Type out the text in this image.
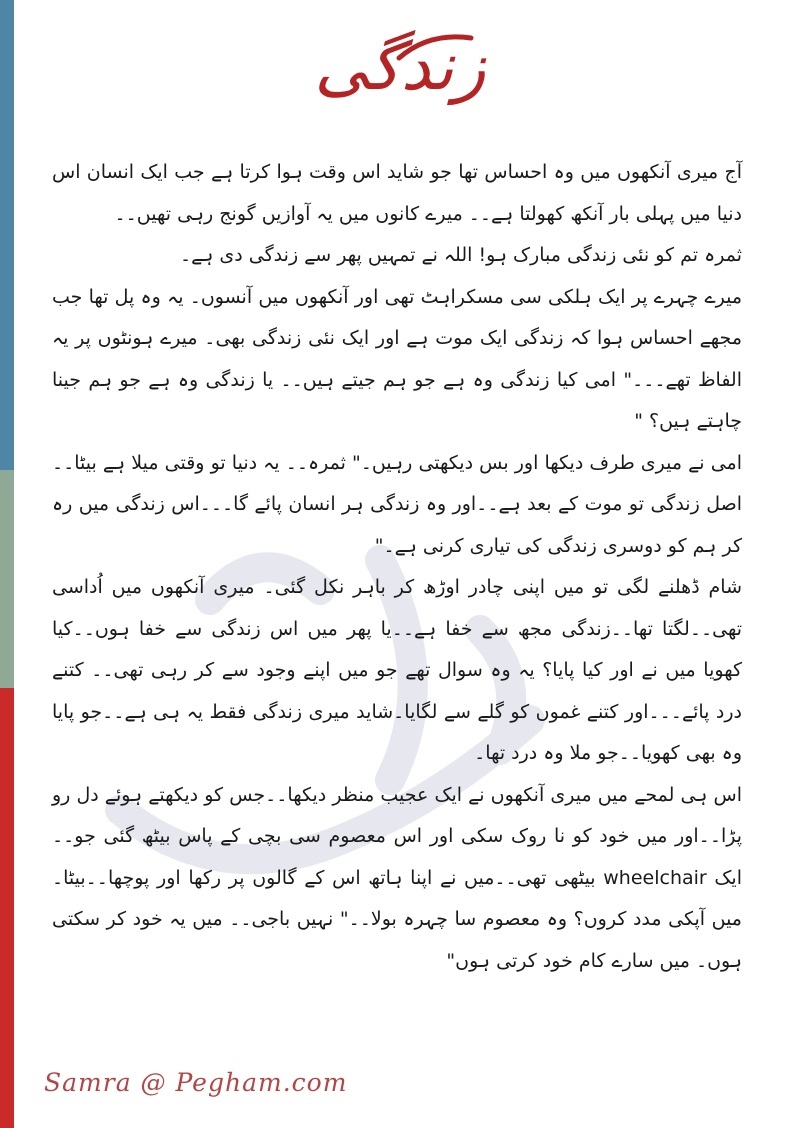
زندگی

آج میری آنکھوں میں وہ احساس تھا جو شاید اس وقت ہوا کرتا ہے جب ایک انسان اس دنیا میں پہلی بار آنکھ کھولتا ہے۔۔ میرے کانوں میں یہ آوازیں گونج رہی تھیں۔۔

ثمرہ تم کو نئی زندگی مبارک ہو! اللہ نے تمہیں پھر سے زندگی دی ہے۔

میرے چہرے پر ایک ہلکی سی مسکراہٹ تھی اور آنکھوں میں آنسوں۔ یہ وہ پل تھا جب مجھے احساس ہوا کہ زندگی ایک موت ہے اور ایک نئی زندگی بھی۔ میرے ہونٹوں پر یہ الفاظ تھے۔۔۔" امی کیا زندگی وہ ہے جو ہم جیتے ہیں۔۔ یا زندگی وہ ہے جو ہم جینا چاہتے ہیں؟ "

امی نے میری طرف دیکھا اور بس دیکھتی رہیں۔" ثمرہ۔۔ یہ دنیا تو وقتی میلا ہے بیٹا۔۔اصل زندگی تو موت کے بعد ہے۔۔اور وہ زندگی ہر انسان پائے گا۔۔۔اس زندگی میں رہ کر ہم کو دوسری زندگی کی تیاری کرنی ہے۔"

شام ڈھلنے لگی تو میں اپنی چادر اوڑھ کر باہر نکل گئی۔ میری آنکھوں میں اُداسی تھی۔۔لگتا تھا۔۔زندگی مجھ سے خفا ہے۔۔یا پھر میں اس زندگی سے خفا ہوں۔۔کیا کھویا میں نے اور کیا پایا؟ یہ وہ سوال تھے جو میں اپنے وجود سے کر رہی تھی۔۔ کتنے درد پائے۔۔۔اور کتنے غموں کو گلے سے لگایا۔شاید میری زندگی فقط یہ ہی ہے۔۔جو پایا وہ بھی کھویا۔۔جو ملا وہ درد تھا۔

اس ہی لمحے میں میری آنکھوں نے ایک عجیب منظر دیکھا۔۔جس کو دیکھتے ہوئے دل رو پڑا۔۔اور میں خود کو نا روک سکی اور اس معصوم سی بچی کے پاس بیٹھ گئی جو۔۔ایک wheelchair بیٹھی تھی۔۔میں نے اپنا ہاتھ اس کے گالوں پر رکھا اور پوچھا۔۔بیٹا۔ میں آپکی مدد کروں؟ وہ معصوم سا چہرہ بولا۔۔" نہیں باجی۔۔ میں یہ خود کر سکتی ہوں۔ میں سارے کام خود کرتی ہوں"

Samra @ Pegham.com
